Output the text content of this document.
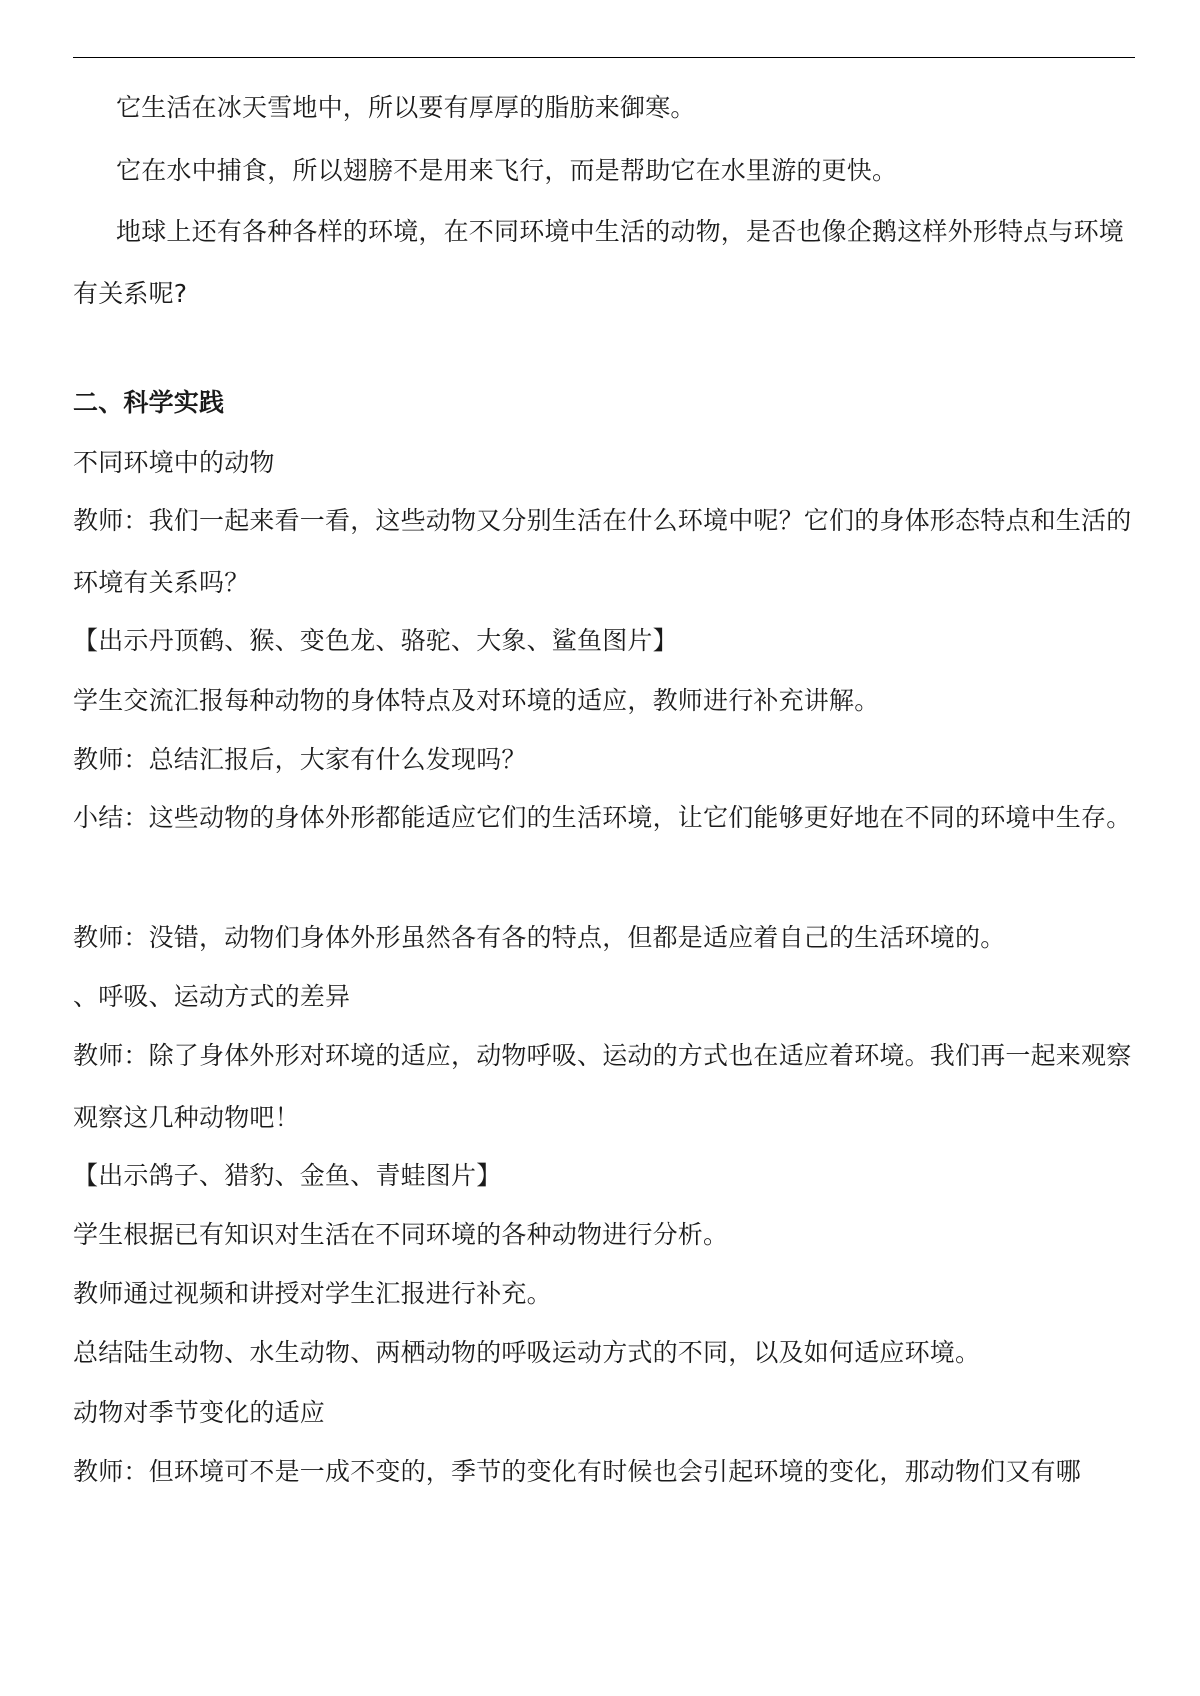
它生活在冰天雪地中，所以要有厚厚的脂肪来御寒。
它在水中捕食，所以翅膀不是用来飞行，而是帮助它在水里游的更快。
地球上还有各种各样的环境，在不同环境中生活的动物，是否也像企鹅这样外形特点与环境有关系呢?
二、科学实践
不同环境中的动物
教师：我们一起来看一看，这些动物又分别生活在什么环境中呢？它们的身体形态特点和生活的环境有关系吗？
【出示丹顶鹤、猴、变色龙、骆驼、大象、鲨鱼图片】
学生交流汇报每种动物的身体特点及对环境的适应，教师进行补充讲解。
教师：总结汇报后，大家有什么发现吗？
小结：这些动物的身体外形都能适应它们的生活环境，让它们能够更好地在不同的环境中生存。
教师：没错，动物们身体外形虽然各有各的特点，但都是适应着自己的生活环境的。
、呼吸、运动方式的差异
教师：除了身体外形对环境的适应，动物呼吸、运动的方式也在适应着环境。我们再一起来观察观察这几种动物吧！
【出示鸽子、猎豹、金鱼、青蛙图片】
学生根据已有知识对生活在不同环境的各种动物进行分析。
教师通过视频和讲授对学生汇报进行补充。
总结陆生动物、水生动物、两栖动物的呼吸运动方式的不同，以及如何适应环境。
动物对季节变化的适应
教师：但环境可不是一成不变的，季节的变化有时候也会引起环境的变化，那动物们又有哪
